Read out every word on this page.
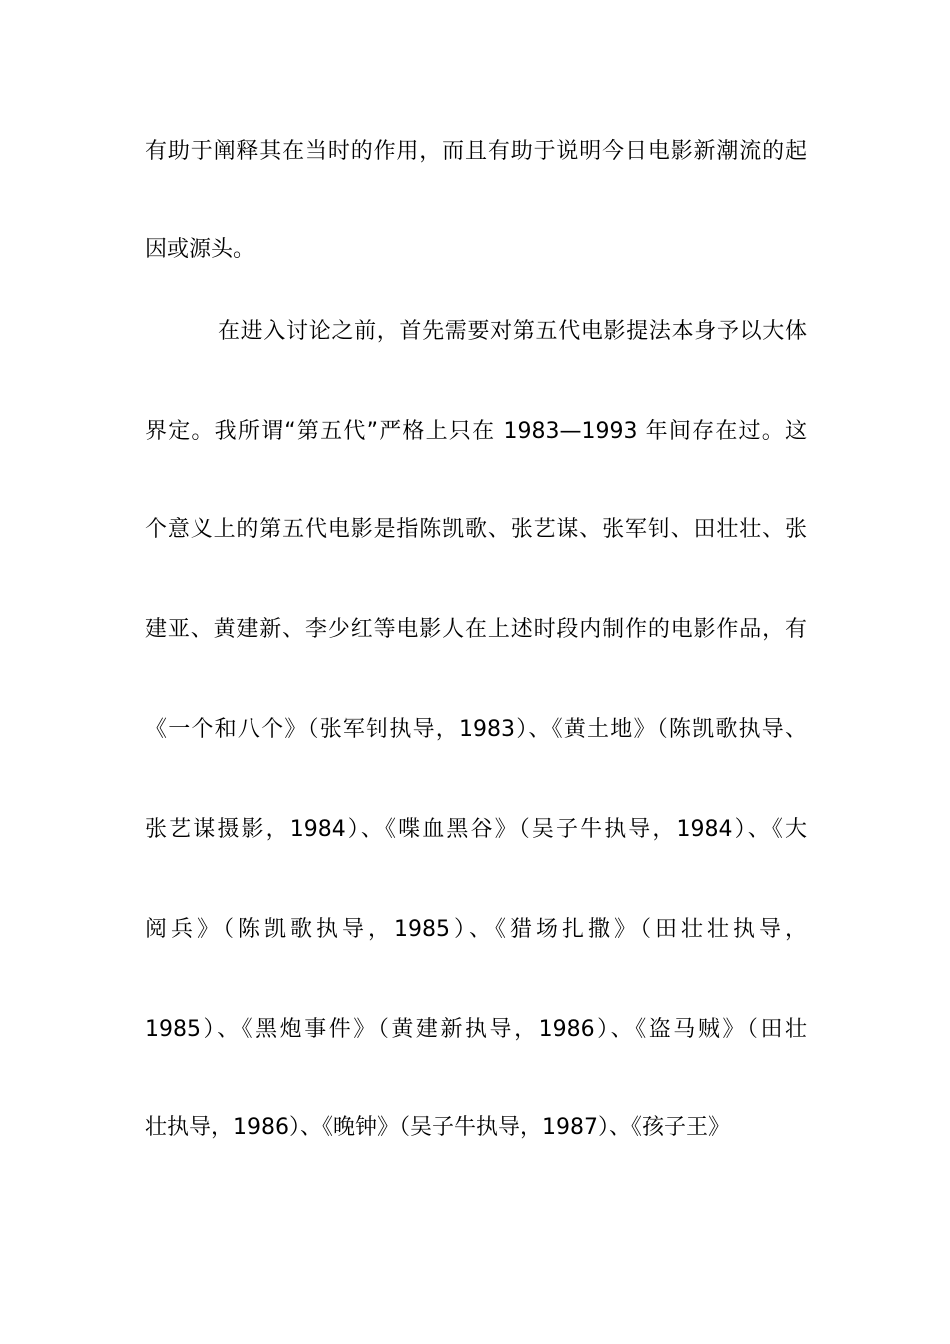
有助于阐释其在当时的作用，而且有助于说明今日电影新潮流的起
因或源头。
在进入讨论之前，首先需要对第五代电影提法本身予以大体
界定。我所谓“第五代”严格上只在 1983—1993 年间存在过。这
个意义上的第五代电影是指陈凯歌、张艺谋、张军钊、田壮壮、张
建亚、黄建新、李少红等电影人在上述时段内制作的电影作品，有
《一个和八个》（张军钊执导，1983）、《黄土地》（陈凯歌执导、
张艺谋摄影，1984）、《喋血黑谷》（吴子牛执导，1984）、《大
阅兵》（陈凯歌执导，1985）、《猎场扎撒》（田壮壮执导，
1985）、《黑炮事件》（黄建新执导，1986）、《盗马贼》（田壮
壮执导，1986）、《晚钟》（吴子牛执导，1987）、《孩子王》
